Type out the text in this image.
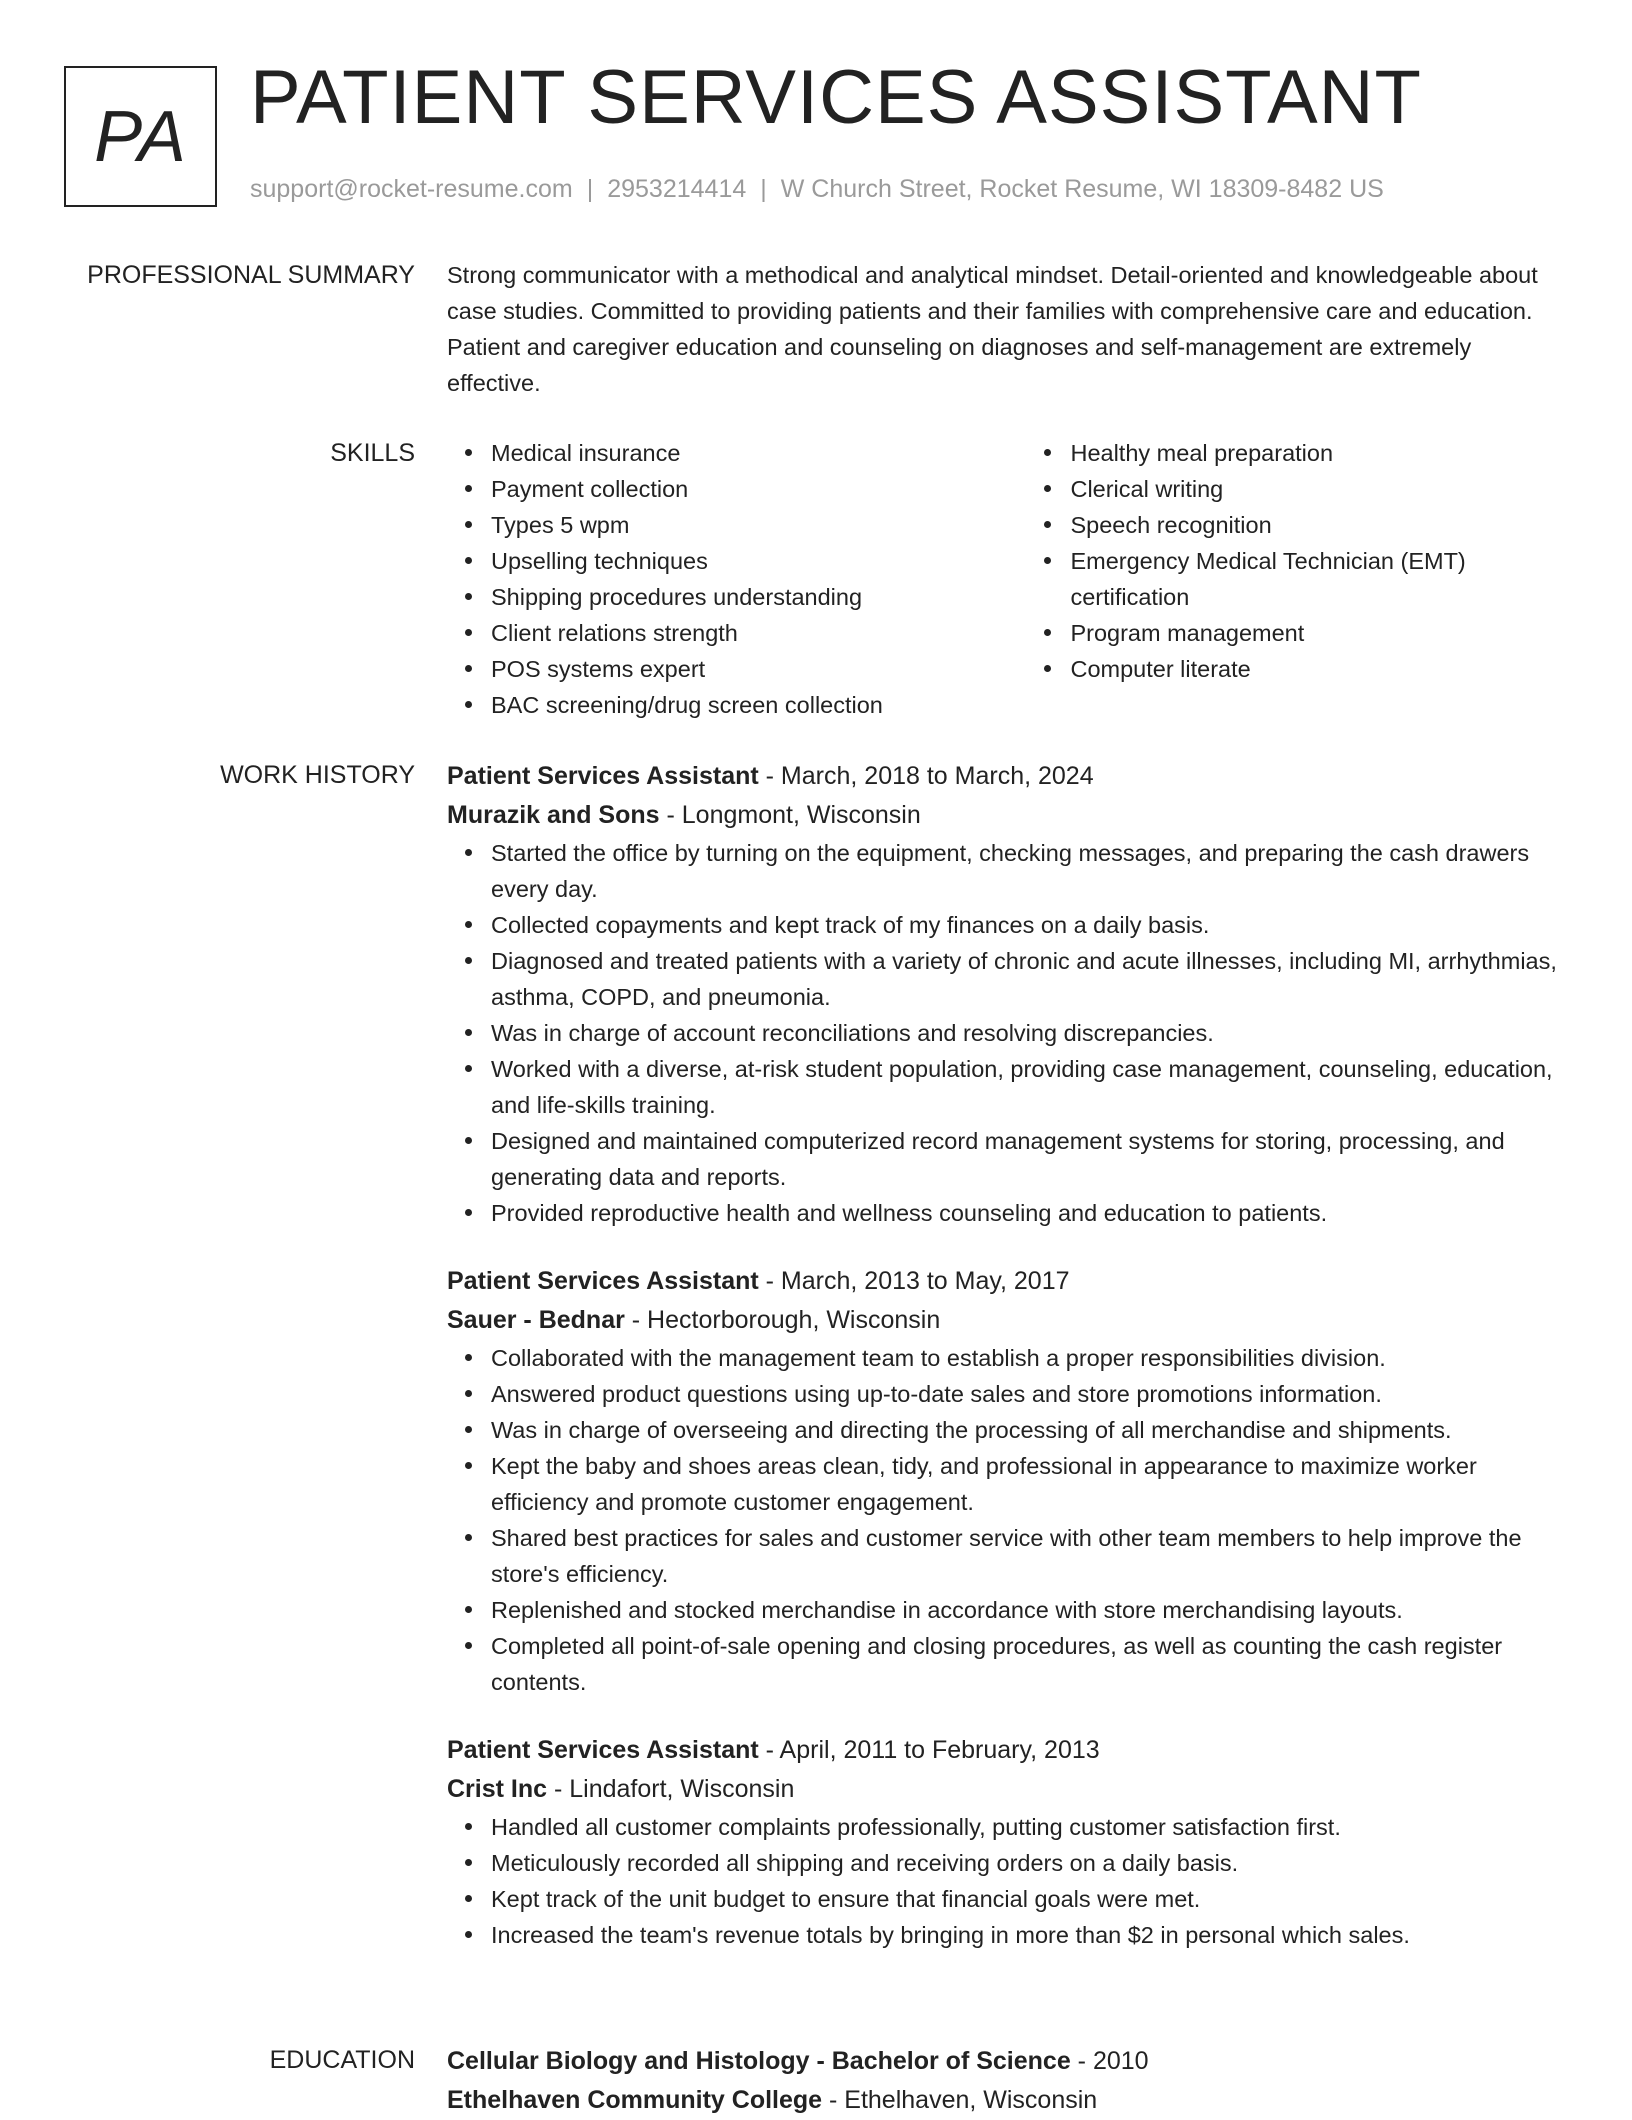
PA PATIENT SERVICES ASSISTANT
support@rocket-resume.com | 2953214414 | W Church Street, Rocket Resume, WI 18309-8482 US
PROFESSIONAL SUMMARY Strong communicator with a methodical and analytical mindset. Detail-oriented and knowledgeable about case studies. Committed to providing patients and their families with comprehensive care and education. Patient and caregiver education and counseling on diagnoses and self-management are extremely effective.
SKILLS	Medical insurance
Payment collection
Types 5 wpm
Upselling techniques
Shipping procedures understanding
Client relations strength
POS systems expert
BAC screening/drug screen collection
Healthy meal preparation
Clerical writing
Speech recognition
Emergency Medical Technician (EMT) certification
Program management
Computer literate
WORK HISTORY Patient Services Assistant - March, 2018 to March, 2024
Murazik and Sons - Longmont, Wisconsin
Started the office by turning on the equipment, checking messages, and preparing the cash drawers every day.
Collected copayments and kept track of my finances on a daily basis.
Diagnosed and treated patients with a variety of chronic and acute illnesses, including MI, arrhythmias, asthma, COPD, and pneumonia.
Was in charge of account reconciliations and resolving discrepancies.
Worked with a diverse, at-risk student population, providing case management, counseling, education, and life-skills training.
Designed and maintained computerized record management systems for storing, processing, and generating data and reports.
Provided reproductive health and wellness counseling and education to patients.
Patient Services Assistant - March, 2013 to May, 2017
Sauer - Bednar - Hectorborough, Wisconsin
Collaborated with the management team to establish a proper responsibilities division.
Answered product questions using up-to-date sales and store promotions information.
Was in charge of overseeing and directing the processing of all merchandise and shipments.
Kept the baby and shoes areas clean, tidy, and professional in appearance to maximize worker efficiency and promote customer engagement.
Shared best practices for sales and customer service with other team members to help improve the store's efficiency.
Replenished and stocked merchandise in accordance with store merchandising layouts.
Completed all point-of-sale opening and closing procedures, as well as counting the cash register contents.
Patient Services Assistant - April, 2011 to February, 2013
Crist Inc - Lindafort, Wisconsin
Handled all customer complaints professionally, putting customer satisfaction first.
Meticulously recorded all shipping and receiving orders on a daily basis.
Kept track of the unit budget to ensure that financial goals were met.
Increased the team's revenue totals by bringing in more than $2 in personal which sales.
EDUCATION Cellular Biology and Histology - Bachelor of Science - 2010
Ethelhaven Community College - Ethelhaven, Wisconsin
